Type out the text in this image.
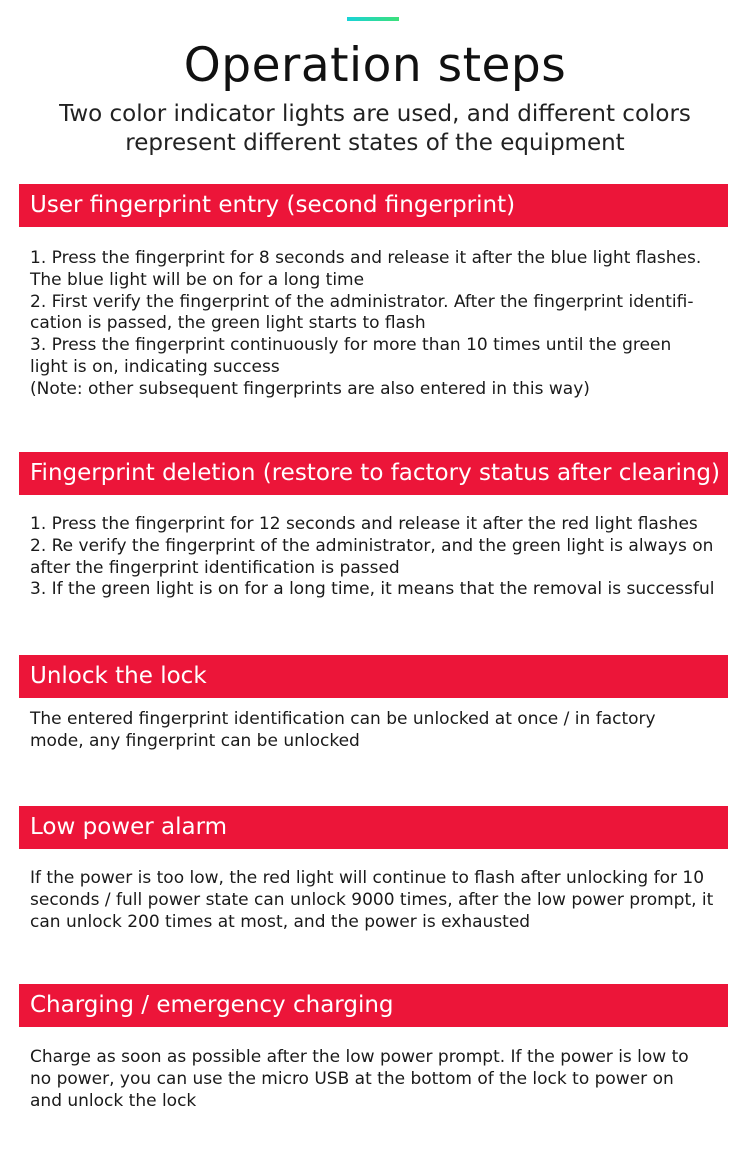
Operation steps
Two color indicator lights are used, and different colors represent different states of the equipment
User fingerprint entry (second fingerprint)
1. Press the fingerprint for 8 seconds and release it after the blue light flashes.
The blue light will be on for a long time
2. First verify the fingerprint of the administrator. After the fingerprint identifi-
cation is passed, the green light starts to flash
3. Press the fingerprint continuously for more than 10 times until the green
light is on, indicating success
(Note: other subsequent fingerprints are also entered in this way)
Fingerprint deletion (restore to factory status after clearing)
1. Press the fingerprint for 12 seconds and release it after the red light flashes
2. Re verify the fingerprint of the administrator, and the green light is always on
after the fingerprint identification is passed
3. If the green light is on for a long time, it means that the removal is successful
Unlock the lock
The entered fingerprint identification can be unlocked at once / in factory
mode, any fingerprint can be unlocked
Low power alarm
If the power is too low, the red light will continue to flash after unlocking for 10
seconds / full power state can unlock 9000 times, after the low power prompt, it
can unlock 200 times at most, and the power is exhausted
Charging / emergency charging
Charge as soon as possible after the low power prompt. If the power is low to
no power, you can use the micro USB at the bottom of the lock to power on
and unlock the lock
